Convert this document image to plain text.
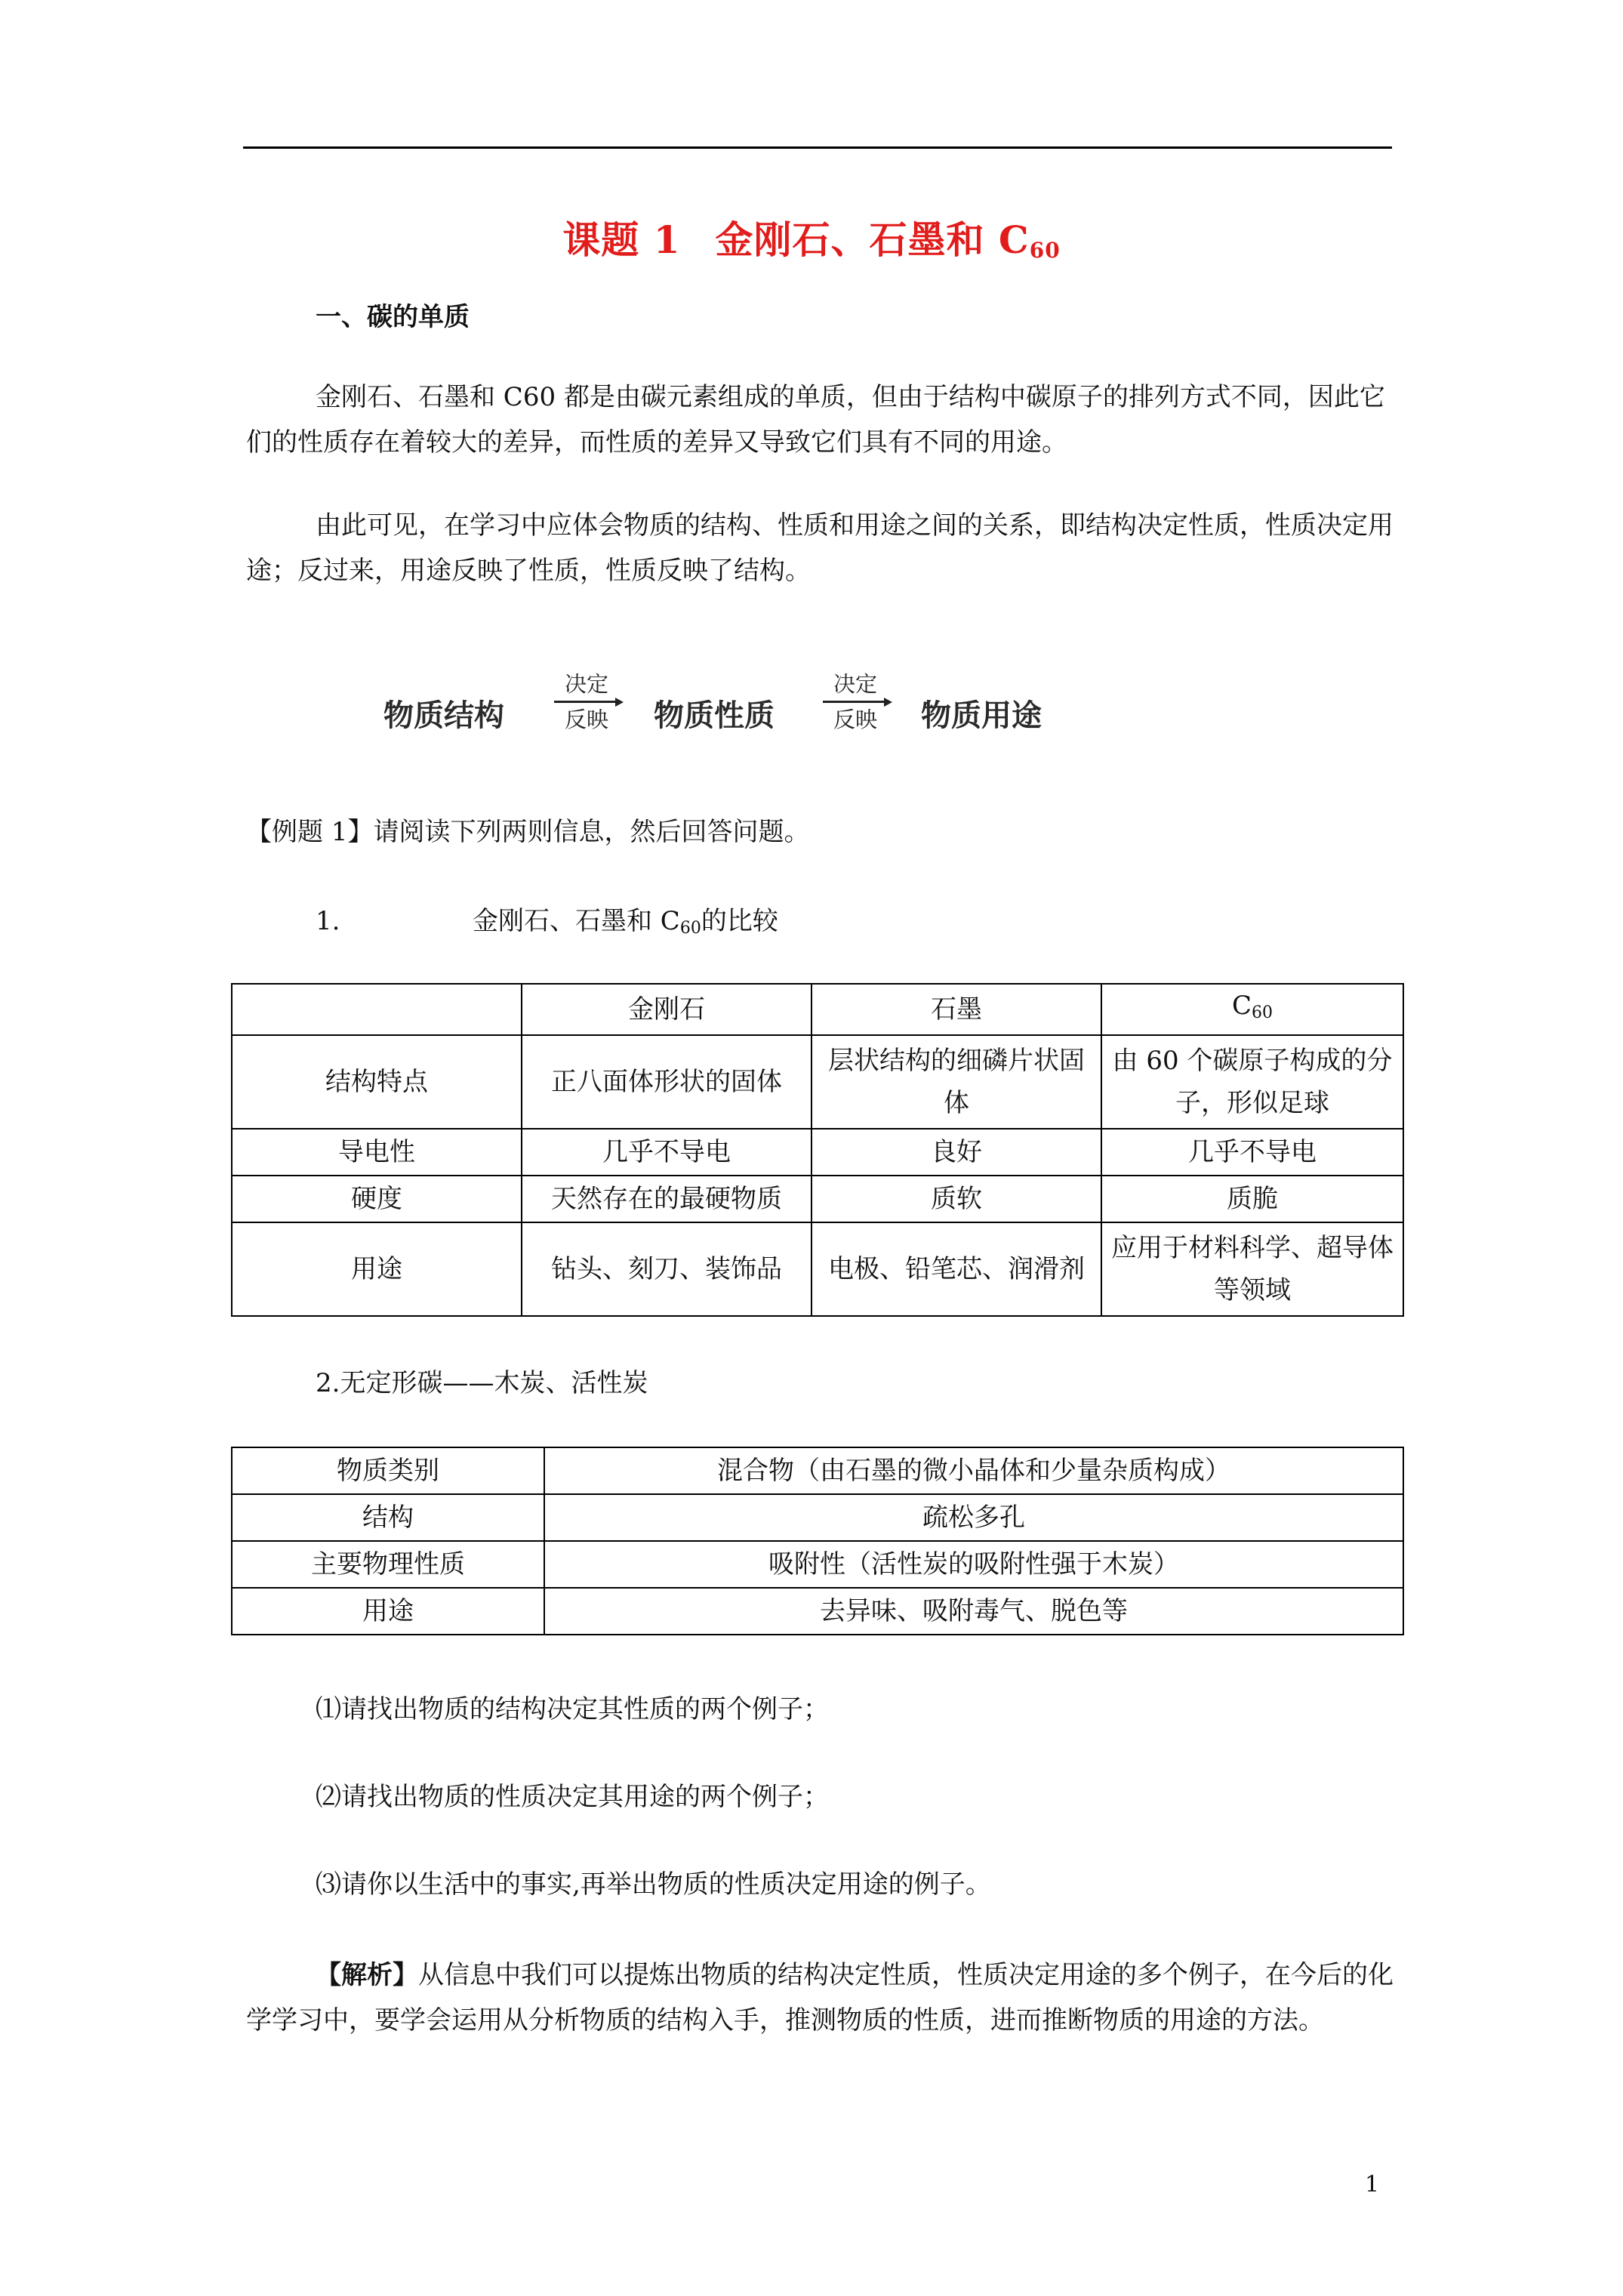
课题 1 金刚石、石墨和 $C_{60}$
一、碳的单质
金刚石、石墨和 C60 都是由碳元素组成的单质，但由于结构中碳原子的排列方式不同，因此它们的性质存在着较大的差异，而性质的差异又导致它们具有不同的用途。
由此可见，在学习中应体会物质的结构、性质和用途之间的关系，即结构决定性质，性质决定用途；反过来，用途反映了性质，性质反映了结构。
物质结构
决定
反映	物质性质
决定
反映	物质用途
【例题 1】请阅读下列两则信息，然后回答问题。
1.	金刚石、石墨和 $C_{60}$的比较
	金刚石	石墨	$C_{60}$
结构特点	正八面体形状的固体	层状结构的细磷片状固体	由 60 个碳原子构成的分子，形似足球
导电性	几乎不导电	良好	几乎不导电
硬度	天然存在的最硬物质	质软	质脆
用途	钻头、刻刀、装饰品	电极、铅笔芯、润滑剂	应用于材料科学、超导体等领域
2.无定形碳——木炭、活性炭
物质类别	混合物（由石墨的微小晶体和少量杂质构成）
结构	疏松多孔
主要物理性质	吸附性（活性炭的吸附性强于木炭）
用途	去异味、吸附毒气、脱色等
⑴请找出物质的结构决定其性质的两个例子；
⑵请找出物质的性质决定其用途的两个例子；
⑶请你以生活中的事实,再举出物质的性质决定用途的例子。
【解析】从信息中我们可以提炼出物质的结构决定性质，性质决定用途的多个例子，在今后的化学学习中，要学会运用从分析物质的结构入手，推测物质的性质，进而推断物质的用途的方法。
1
